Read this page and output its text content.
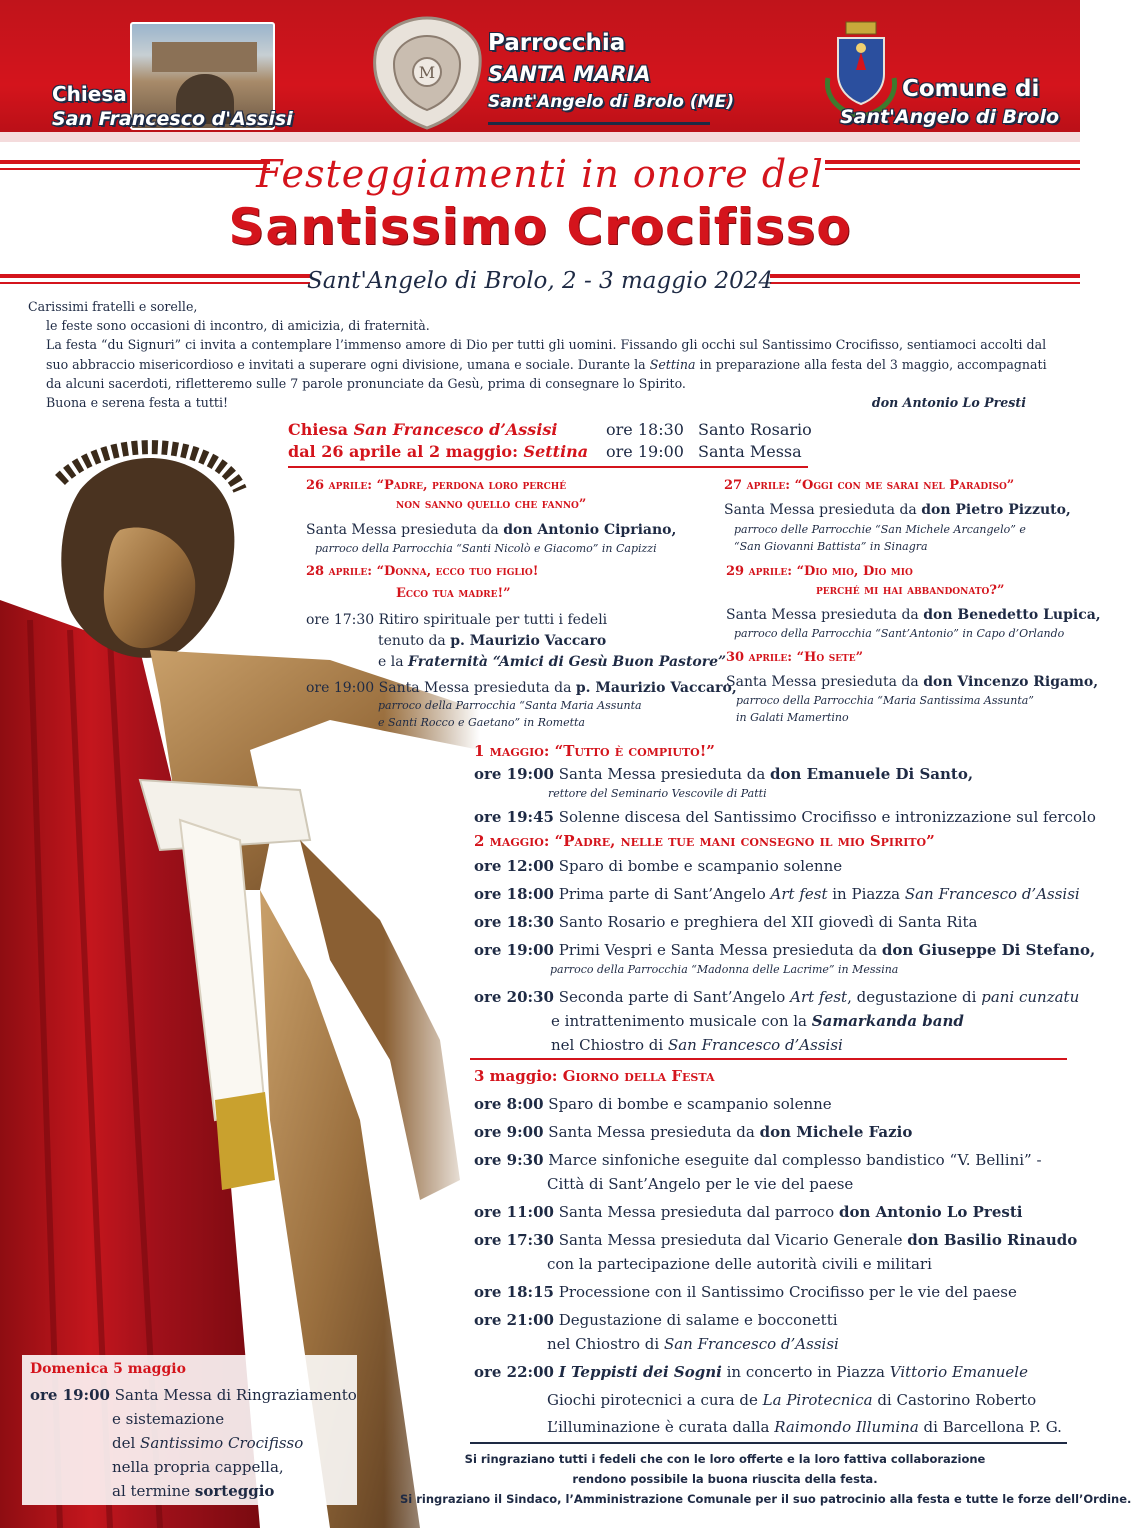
Chiesa
San Francesco d'Assisi
M
Parrocchia
SANTA MARIA
Sant'Angelo di Brolo (ME)	Comune di
Sant'Angelo di Brolo
Festeggiamenti in onore del
Santissimo Crocifisso
Sant'Angelo di Brolo, 2 - 3 maggio 2024

Carissimi fratelli e sorelle,

le feste sono occasioni di incontro, di amicizia, di fraternità.

La festa “du Signuri” ci invita a contemplare l’immenso amore di Dio per tutti gli uomini. Fissando gli occhi sul Santissimo Crocifisso, sentiamoci accolti dal suo abbraccio misericordioso e invitati a superare ogni divisione, umana e sociale. Durante la Settina in preparazione alla festa del 3 maggio, accompagnati da alcuni sacerdoti, rifletteremo sulle 7 parole pronunciate da Gesù, prima di consegnare lo Spirito.

Buona e serena festa a tutti!	don Antonio Lo Presti
Chiesa San Francesco d’Assisi
dal 26 aprile al 2 maggio: Settina
ore 18:30 Santo Rosario
ore 19:00 Santa Messa
26 aprile: “Padre, perdona loro perché
non sanno quello che fanno”
Santa Messa presieduta da don Antonio Cipriano,
parroco della Parrocchia “Santi Nicolò e Giacomo” in Capizzi
27 aprile: “Oggi con me sarai nel Paradiso”
Santa Messa presieduta da don Pietro Pizzuto,
parroco delle Parrocchie “San Michele Arcangelo” e
“San Giovanni Battista” in Sinagra
28 aprile: “Donna, ecco tuo figlio!
Ecco tua madre!”
ore 17:30 Ritiro spirituale per tutti i fedeli
tenuto da p. Maurizio Vaccaro
e la Fraternità “Amici di Gesù Buon Pastore”
ore 19:00 Santa Messa presieduta da p. Maurizio Vaccaro,
parroco della Parrocchia “Santa Maria Assunta
e Santi Rocco e Gaetano” in Rometta
29 aprile: “Dio mio, Dio mio
perché mi hai abbandonato?”
Santa Messa presieduta da don Benedetto Lupica,
parroco della Parrocchia “Sant’Antonio” in Capo d’Orlando
30 aprile: “Ho sete”
Santa Messa presieduta da don Vincenzo Rigamo,
parroco della Parrocchia “Maria Santissima Assunta”
in Galati Mamertino
1 maggio: “Tutto è compiuto!”
ore 19:00 Santa Messa presieduta da don Emanuele Di Santo,
rettore del Seminario Vescovile di Patti
ore 19:45 Solenne discesa del Santissimo Crocifisso e intronizzazione sul fercolo
2 maggio: “Padre, nelle tue mani consegno il mio Spirito”
ore 12:00 Sparo di bombe e scampanio solenne
ore 18:00 Prima parte di Sant’Angelo Art fest in Piazza San Francesco d’Assisi
ore 18:30 Santo Rosario e preghiera del XII giovedì di Santa Rita
ore 19:00 Primi Vespri e Santa Messa presieduta da don Giuseppe Di Stefano,
parroco della Parrocchia “Madonna delle Lacrime” in Messina
ore 20:30 Seconda parte di Sant’Angelo Art fest, degustazione di pani cunzatu
e intrattenimento musicale con la Samarkanda band
nel Chiostro di San Francesco d’Assisi
3 maggio: Giorno della Festa
ore 8:00 Sparo di bombe e scampanio solenne
ore 9:00 Santa Messa presieduta da don Michele Fazio
ore 9:30 Marce sinfoniche eseguite dal complesso bandistico “V. Bellini” -
Città di Sant’Angelo per le vie del paese
ore 11:00 Santa Messa presieduta dal parroco don Antonio Lo Presti
ore 17:30 Santa Messa presieduta dal Vicario Generale don Basilio Rinaudo
con la partecipazione delle autorità civili e militari
ore 18:15 Processione con il Santissimo Crocifisso per le vie del paese
ore 21:00 Degustazione di salame e bocconetti
nel Chiostro di San Francesco d’Assisi
ore 22:00 I Teppisti dei Sogni in concerto in Piazza Vittorio Emanuele
Giochi pirotecnici a cura de La Pirotecnica di Castorino Roberto
L’illuminazione è curata dalla Raimondo Illumina di Barcellona P. G.
Domenica 5 maggio
ore 19:00 Santa Messa di Ringraziamento
e sistemazione
del Santissimo Crocifisso
nella propria cappella,
al termine sorteggio
Si ringraziano tutti i fedeli che con le loro offerte e la loro fattiva collaborazione
rendono possibile la buona riuscita della festa.
Si ringraziano il Sindaco, l’Amministrazione Comunale per il suo patrocinio alla festa e tutte le forze dell’Ordine.
